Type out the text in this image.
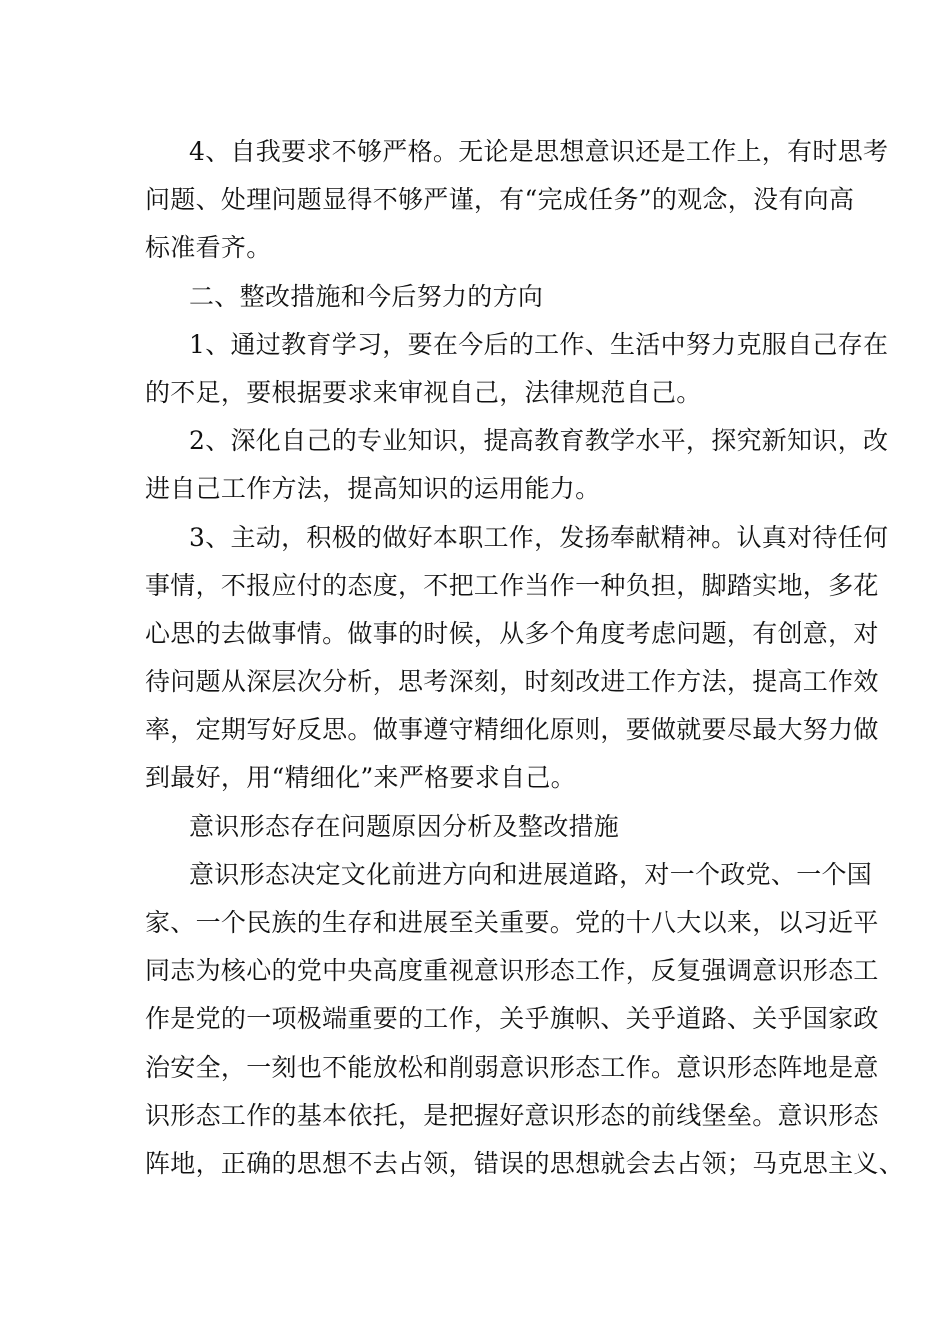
4、自我要求不够严格。无论是思想意识还是工作上，有时思考
问题、处理问题显得不够严谨，有“完成任务”的观念，没有向高
标准看齐。
二、整改措施和今后努力的方向
1、通过教育学习，要在今后的工作、生活中努力克服自己存在
的不足，要根据要求来审视自己，法律规范自己。
2、深化自己的专业知识，提高教育教学水平，探究新知识，改
进自己工作方法，提高知识的运用能力。
3、主动，积极的做好本职工作，发扬奉献精神。认真对待任何
事情，不报应付的态度，不把工作当作一种负担，脚踏实地，多花
心思的去做事情。做事的时候，从多个角度考虑问题，有创意，对
待问题从深层次分析，思考深刻，时刻改进工作方法，提高工作效
率，定期写好反思。做事遵守精细化原则，要做就要尽最大努力做
到最好，用“精细化”来严格要求自己。
意识形态存在问题原因分析及整改措施
意识形态决定文化前进方向和进展道路，对一个政党、一个国
家、一个民族的生存和进展至关重要。党的十八大以来，以习近平
同志为核心的党中央高度重视意识形态工作，反复强调意识形态工
作是党的一项极端重要的工作，关乎旗帜、关乎道路、关乎国家政
治安全，一刻也不能放松和削弱意识形态工作。意识形态阵地是意
识形态工作的基本依托，是把握好意识形态的前线堡垒。意识形态
阵地，正确的思想不去占领，错误的思想就会去占领；马克思主义、
